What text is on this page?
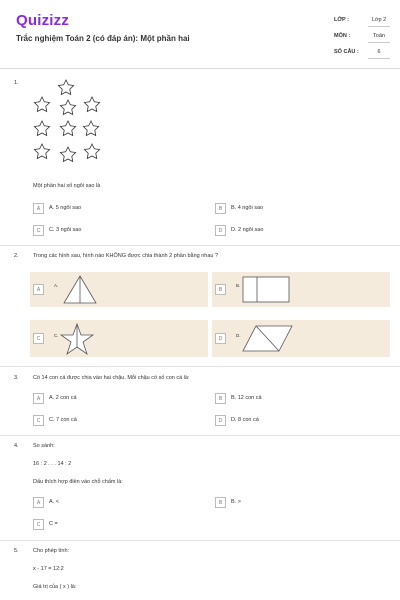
Quizizz
Trắc nghiệm Toán 2 (có đáp án): Một phần hai
LỚP :	Lớp 2
MÔN :	Toán
SỐ CÂU :	6
1.
Một phần hai số ngôi sao là
A	A. 5 ngôi sao	B	B. 4 ngôi sao
C	C. 3 ngôi sao	D	D. 2 ngôi sao
2.	Trong các hình sau, hình nào KHÔNG được chia thành 2 phần bằng nhau ?
A
A.
B
B.
C
C.
D
D.
3.	Có 14 con cá được chia vào hai chậu. Mỗi chậu có số con cá là:
A	A. 2 con cá	B	B. 12 con cá
C	C. 7 con cá	D	D. 8 con cá
4.	So sánh:
16 : 2 . . . 14 : 2
Dấu thích hợp điền vào chỗ chấm là:
A	A. <	B	B. >
C	C =
5.	Cho phép tính:
x - 17 = 12:2
Giá trị của ( x ) là:
